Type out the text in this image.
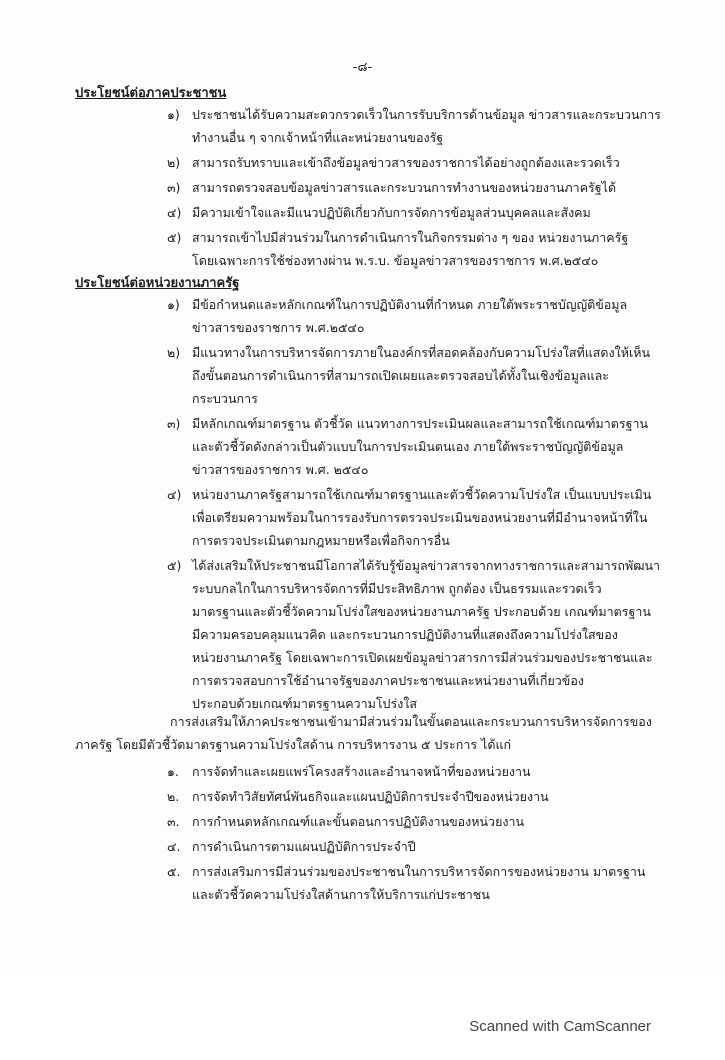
-๘-
ประโยชน์ต่อภาคประชาชน
๑) ประชาชนได้รับความสะดวกรวดเร็วในการรับบริการด้านข้อมูล ข่าวสารและกระบวนการ
ทำงานอื่น ๆ จากเจ้าหน้าที่และหน่วยงานของรัฐ
๒) สามารถรับทราบและเข้าถึงข้อมูลข่าวสารของราชการได้อย่างถูกต้องและรวดเร็ว
๓) สามารถตรวจสอบข้อมูลข่าวสารและกระบวนการทำงานของหน่วยงานภาครัฐได้
๔) มีความเข้าใจและมีแนวปฏิบัติเกี่ยวกับการจัดการข้อมูลส่วนบุคคลและสังคม
๕) สามารถเข้าไปมีส่วนร่วมในการดำเนินการในกิจกรรมต่าง ๆ ของ หน่วยงานภาครัฐ
โดยเฉพาะการใช้ช่องทางผ่าน พ.ร.บ. ข้อมูลข่าวสารของราชการ พ.ศ.๒๕๔๐
ประโยชน์ต่อหน่วยงานภาครัฐ
๑) มีข้อกำหนดและหลักเกณฑ์ในการปฏิบัติงานที่กำหนด ภายใต้พระราชบัญญัติข้อมูล
ข่าวสารของราชการ พ.ศ.๒๕๔๐
๒) มีแนวทางในการบริหารจัดการภายในองค์กรที่สอดคล้องกับความโปร่งใสที่แสดงให้เห็น
ถึงขั้นตอนการดำเนินการที่สามารถเปิดเผยและตรวจสอบได้ทั้งในเชิงข้อมูลและ
กระบวนการ
๓) มีหลักเกณฑ์มาตรฐาน ตัวชี้วัด แนวทางการประเมินผลและสามารถใช้เกณฑ์มาตรฐาน
และตัวชี้วัดดังกล่าวเป็นตัวแบบในการประเมินตนเอง ภายใต้พระราชบัญญัติข้อมูล
ข่าวสารของราชการ พ.ศ. ๒๕๔๐
๔) หน่วยงานภาครัฐสามารถใช้เกณฑ์มาตรฐานและตัวชี้วัดความโปร่งใส เป็นแบบประเมิน
เพื่อเตรียมความพร้อมในการรองรับการตรวจประเมินของหน่วยงานที่มีอำนาจหน้าที่ใน
การตรวจประเมินตามกฎหมายหรือเพื่อกิจการอื่น
๕) ได้ส่งเสริมให้ประชาชนมีโอกาสได้รับรู้ข้อมูลข่าวสารจากทางราชการและสามารถพัฒนา
ระบบกลไกในการบริหารจัดการที่มีประสิทธิภาพ ถูกต้อง เป็นธรรมและรวดเร็ว
มาตรฐานและตัวชี้วัดความโปร่งใสของหน่วยงานภาครัฐ ประกอบด้วย เกณฑ์มาตรฐาน
มีความครอบคลุมแนวคิด และกระบวนการปฏิบัติงานที่แสดงถึงความโปร่งใสของ
หน่วยงานภาครัฐ โดยเฉพาะการเปิดเผยข้อมูลข่าวสารการมีส่วนร่วมของประชาชนและ
การตรวจสอบการใช้อำนาจรัฐของภาคประชาชนและหน่วยงานที่เกี่ยวข้อง
ประกอบด้วยเกณฑ์มาตรฐานความโปร่งใส
การส่งเสริมให้ภาคประชาชนเข้ามามีส่วนร่วมในขั้นตอนและกระบวนการบริหารจัดการของ
ภาครัฐ โดยมีตัวชี้วัดมาตรฐานความโปร่งใสด้าน การบริหารงาน ๕ ประการ ได้แก่
๑.	การจัดทำและเผยแพร่โครงสร้างและอำนาจหน้าที่ของหน่วยงาน
๒.	การจัดทำวิสัยทัศน์พันธกิจและแผนปฏิบัติการประจำปีของหน่วยงาน
๓. การกำหนดหลักเกณฑ์และขั้นตอนการปฏิบัติงานของหน่วยงาน
๔. การดำเนินการตามแผนปฏิบัติการประจำปี
๕. การส่งเสริมการมีส่วนร่วมของประชาชนในการบริหารจัดการของหน่วยงาน มาตรฐาน
และตัวชี้วัดความโปร่งใสด้านการให้บริการแก่ประชาชน
Scanned with CamScanner
